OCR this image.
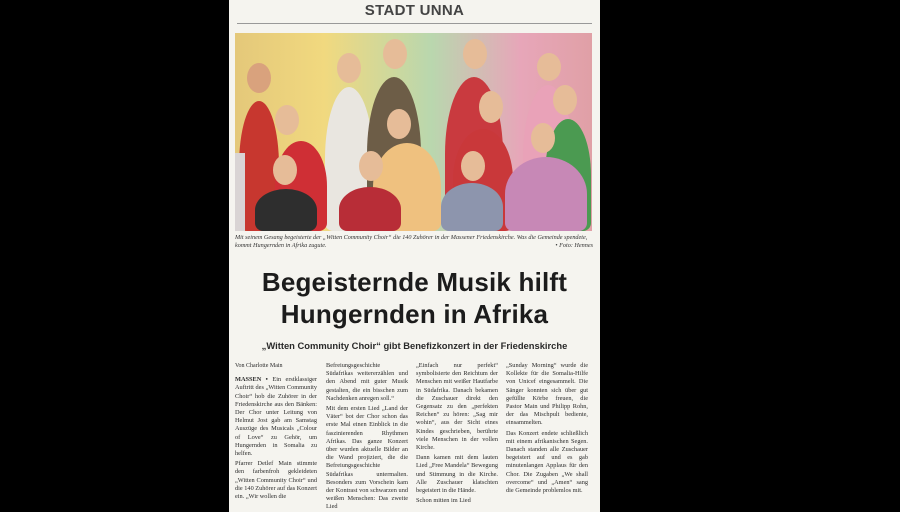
STADT UNNA
Mit seinem Gesang begeisterte der „Witten Community Choir“ die 140 Zuhörer in der Massener Friedenskirche. Was die Gemeinde spendete, kommt Hungernden in Afrika zugute.	• Foto: Hennes
Begeisternde Musik hilft
Hungernden in Afrika
„Witten Community Choir“ gibt Benefizkonzert in der Friedenskirche
Von Charlotte Main

MASSEN • Ein erstklassiger Auftritt des „Witten Community Choir“ hob die Zuhörer in der Friedenskirche aus den Bänken: Der Chor unter Leitung von Helmut Jost gab am Samstag Auszüge des Musicals „Colour of Love“ zu Gehör, um Hungernden in Somalia zu helfen.

Pfarrer Detlef Main stimmte den farbenfroh gekleideten „Witten Community Choir“ und die 140 Zuhörer auf das Konzert ein. „Wir wollen die

Befreiungsgeschichte Südafrikas weitererzählen und den Abend mit guter Musik gestalten, die ein bisschen zum Nachdenken anregen soll.“

Mit dem ersten Lied „Land der Väter“ bot der Chor schon das erste Mal einen Einblick in die faszinierenden Rhythmen Afrikas. Das ganze Konzert über wurden aktuelle Bilder an die Wand projiziert, die die Befreiungsgeschichte Südafrikas untermalten. Besonders zum Vorschein kam der Kontrast von schwarzen und weißen Menschen: Das zweite Lied

„Einfach nur perfekt“ symbolisierte den Reichtum der Menschen mit weißer Hautfarbe in Südafrika. Danach bekamen die Zuschauer direkt den Gegensatz zu den „perfekten Reichen“ zu hören: „Sag mir wohin“, aus der Sicht eines Kindes geschrieben, berührte viele Menschen in der vollen Kirche.

Dann kamen mit dem lauten Lied „Free Mandela“ Bewegung und Stimmung in die Kirche. Alle Zuschauer klatschten begeistert in die Hände.

Schon mitten im Lied

„Sunday Morning“ wurde die Kollekte für die Somalia-Hilfe von Unicef eingesammelt. Die Sänger konnten sich über gut gefüllte Körbe freuen, die Pastor Main und Philipp Rohn, der das Mischpult bediente, einsammelten.

Das Konzert endete schließlich mit einem afrikanischen Segen. Danach standen alle Zuschauer begeistert auf und es gab minutenlangen Applaus für den Chor. Die Zugaben „We shall overcome“ und „Amen“ sang die Gemeinde problemlos mit.
